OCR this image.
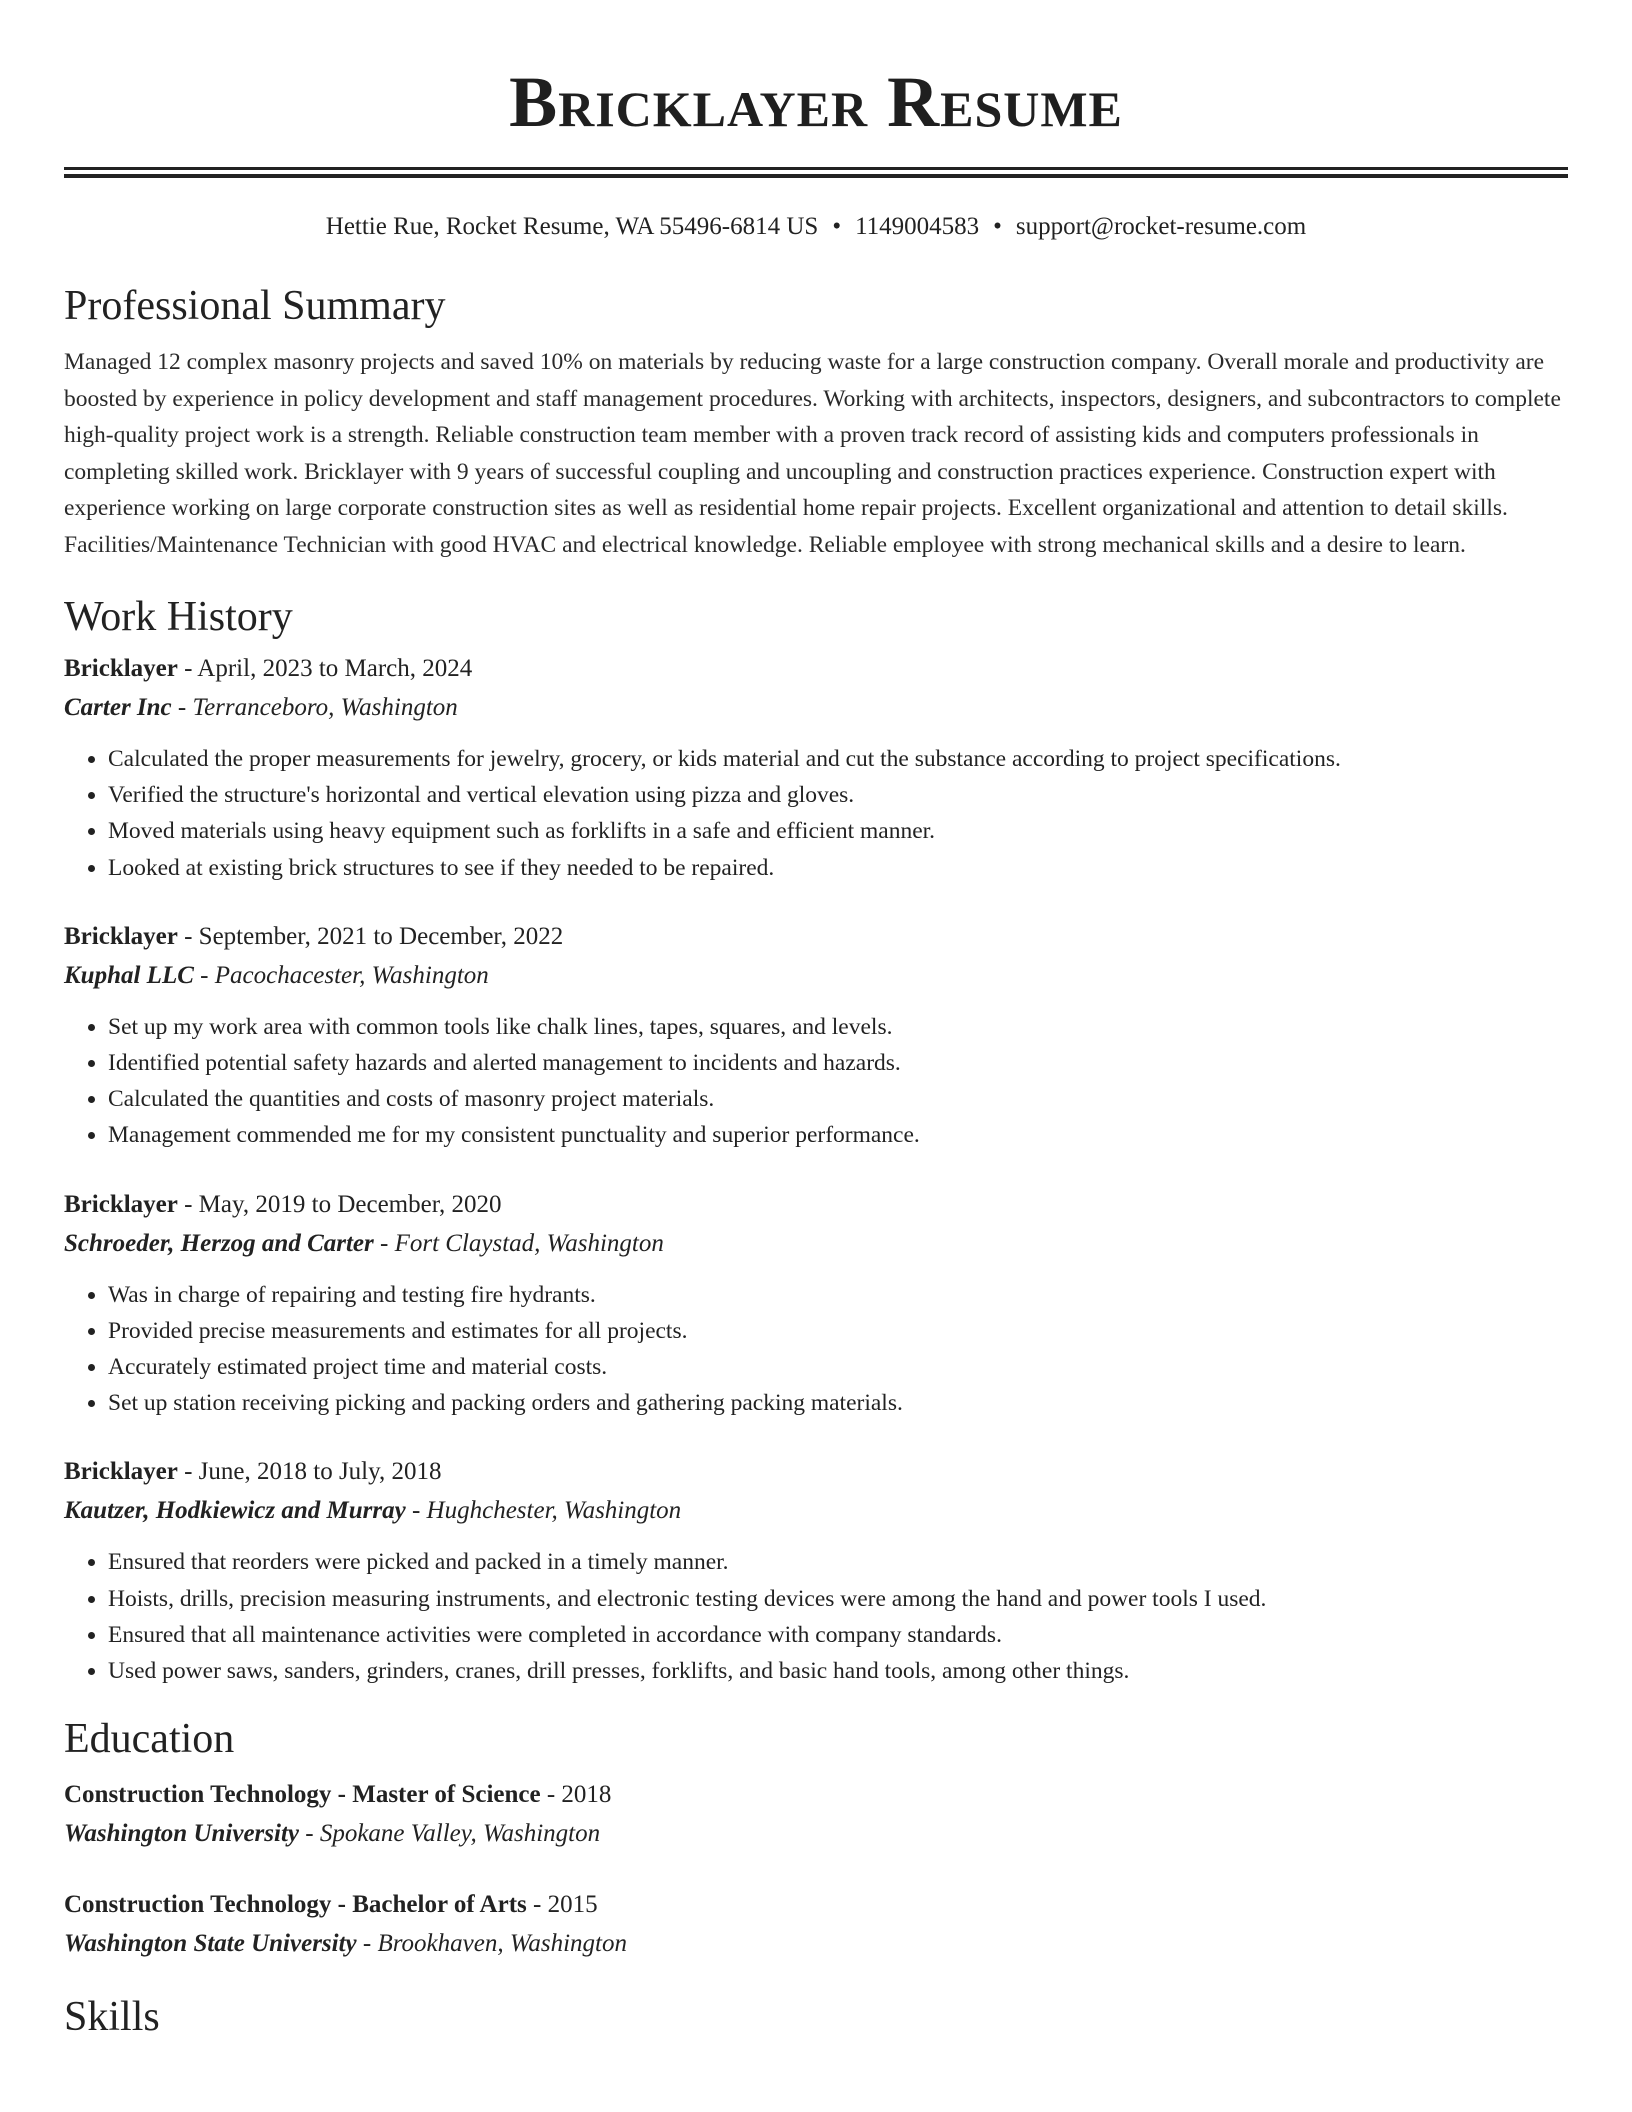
Bricklayer Resume
Hettie Rue, Rocket Resume, WA 55496-6814 US • 1149004583 • support@rocket-resume.com
Professional Summary
Managed 12 complex masonry projects and saved 10% on materials by reducing waste for a large construction company. Overall morale and productivity are boosted by experience in policy development and staff management procedures. Working with architects, inspectors, designers, and subcontractors to complete high-quality project work is a strength. Reliable construction team member with a proven track record of assisting kids and computers professionals in completing skilled work. Bricklayer with 9 years of successful coupling and uncoupling and construction practices experience. Construction expert with experience working on large corporate construction sites as well as residential home repair projects. Excellent organizational and attention to detail skills. Facilities/Maintenance Technician with good HVAC and electrical knowledge. Reliable employee with strong mechanical skills and a desire to learn.
Work History
Bricklayer - April, 2023 to March, 2024
Carter Inc - Terranceboro, Washington
• Calculated the proper measurements for jewelry, grocery, or kids material and cut the substance according to project specifications.
• Verified the structure's horizontal and vertical elevation using pizza and gloves.
• Moved materials using heavy equipment such as forklifts in a safe and efficient manner.
• Looked at existing brick structures to see if they needed to be repaired.
Bricklayer - September, 2021 to December, 2022
Kuphal LLC - Pacochacester, Washington
• Set up my work area with common tools like chalk lines, tapes, squares, and levels.
• Identified potential safety hazards and alerted management to incidents and hazards.
• Calculated the quantities and costs of masonry project materials.
• Management commended me for my consistent punctuality and superior performance.
Bricklayer - May, 2019 to December, 2020
Schroeder, Herzog and Carter - Fort Claystad, Washington
• Was in charge of repairing and testing fire hydrants.
• Provided precise measurements and estimates for all projects.
• Accurately estimated project time and material costs.
• Set up station receiving picking and packing orders and gathering packing materials.
Bricklayer - June, 2018 to July, 2018
Kautzer, Hodkiewicz and Murray - Hughchester, Washington
• Ensured that reorders were picked and packed in a timely manner.
• Hoists, drills, precision measuring instruments, and electronic testing devices were among the hand and power tools I used.
• Ensured that all maintenance activities were completed in accordance with company standards.
• Used power saws, sanders, grinders, cranes, drill presses, forklifts, and basic hand tools, among other things.
Education
Construction Technology - Master of Science - 2018
Washington University - Spokane Valley, Washington
Construction Technology - Bachelor of Arts - 2015
Washington State University - Brookhaven, Washington
Skills
